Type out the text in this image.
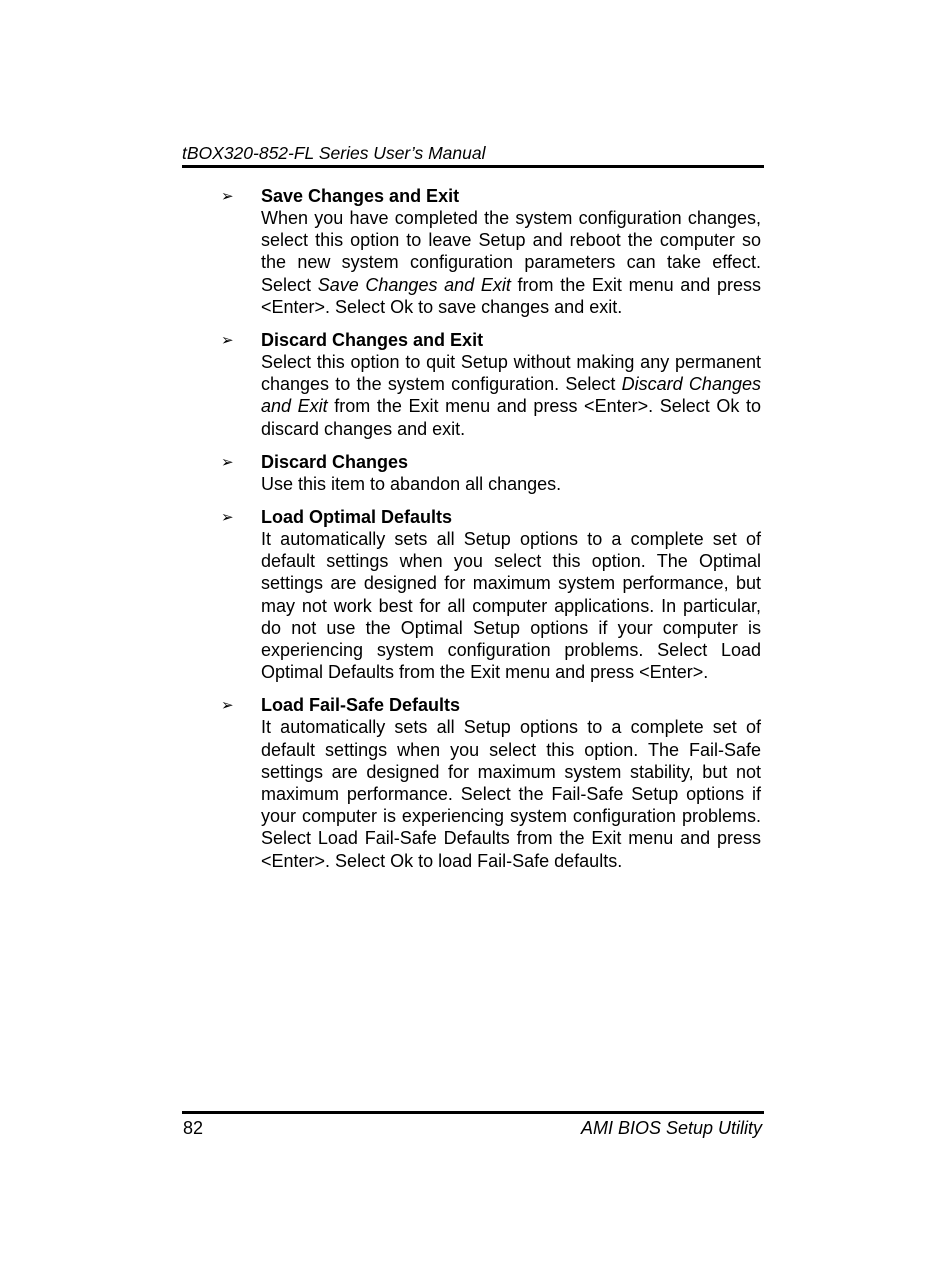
tBOX320-852-FL Series User’s Manual
➢	Save Changes and Exit

When you have completed the system configuration changes, select this option to leave Setup and reboot the computer so the new system configuration parameters can take effect. Select Save Changes and Exit from the Exit menu and press <Enter>. Select Ok to save changes and exit.

➢	Discard Changes and Exit

Select this option to quit Setup without making any permanent changes to the system configuration. Select Discard Changes and Exit from the Exit menu and press <Enter>. Select Ok to discard changes and exit.

➢	Discard Changes

Use this item to abandon all changes.

➢	Load Optimal Defaults

It automatically sets all Setup options to a complete set of default settings when you select this option. The Optimal settings are designed for maximum system performance, but may not work best for all computer applications. In particular, do not use the Optimal Setup options if your computer is experiencing system configuration problems. Select Load Optimal Defaults from the Exit menu and press <Enter>.

➢	Load Fail-Safe Defaults

It automatically sets all Setup options to a complete set of default settings when you select this option. The Fail-Safe settings are designed for maximum system stability, but not maximum performance. Select the Fail-Safe Setup options if your computer is experiencing system configuration problems. Select Load Fail-Safe Defaults from the Exit menu and press <Enter>. Select Ok to load Fail-Safe defaults.

82	AMI BIOS Setup Utility
